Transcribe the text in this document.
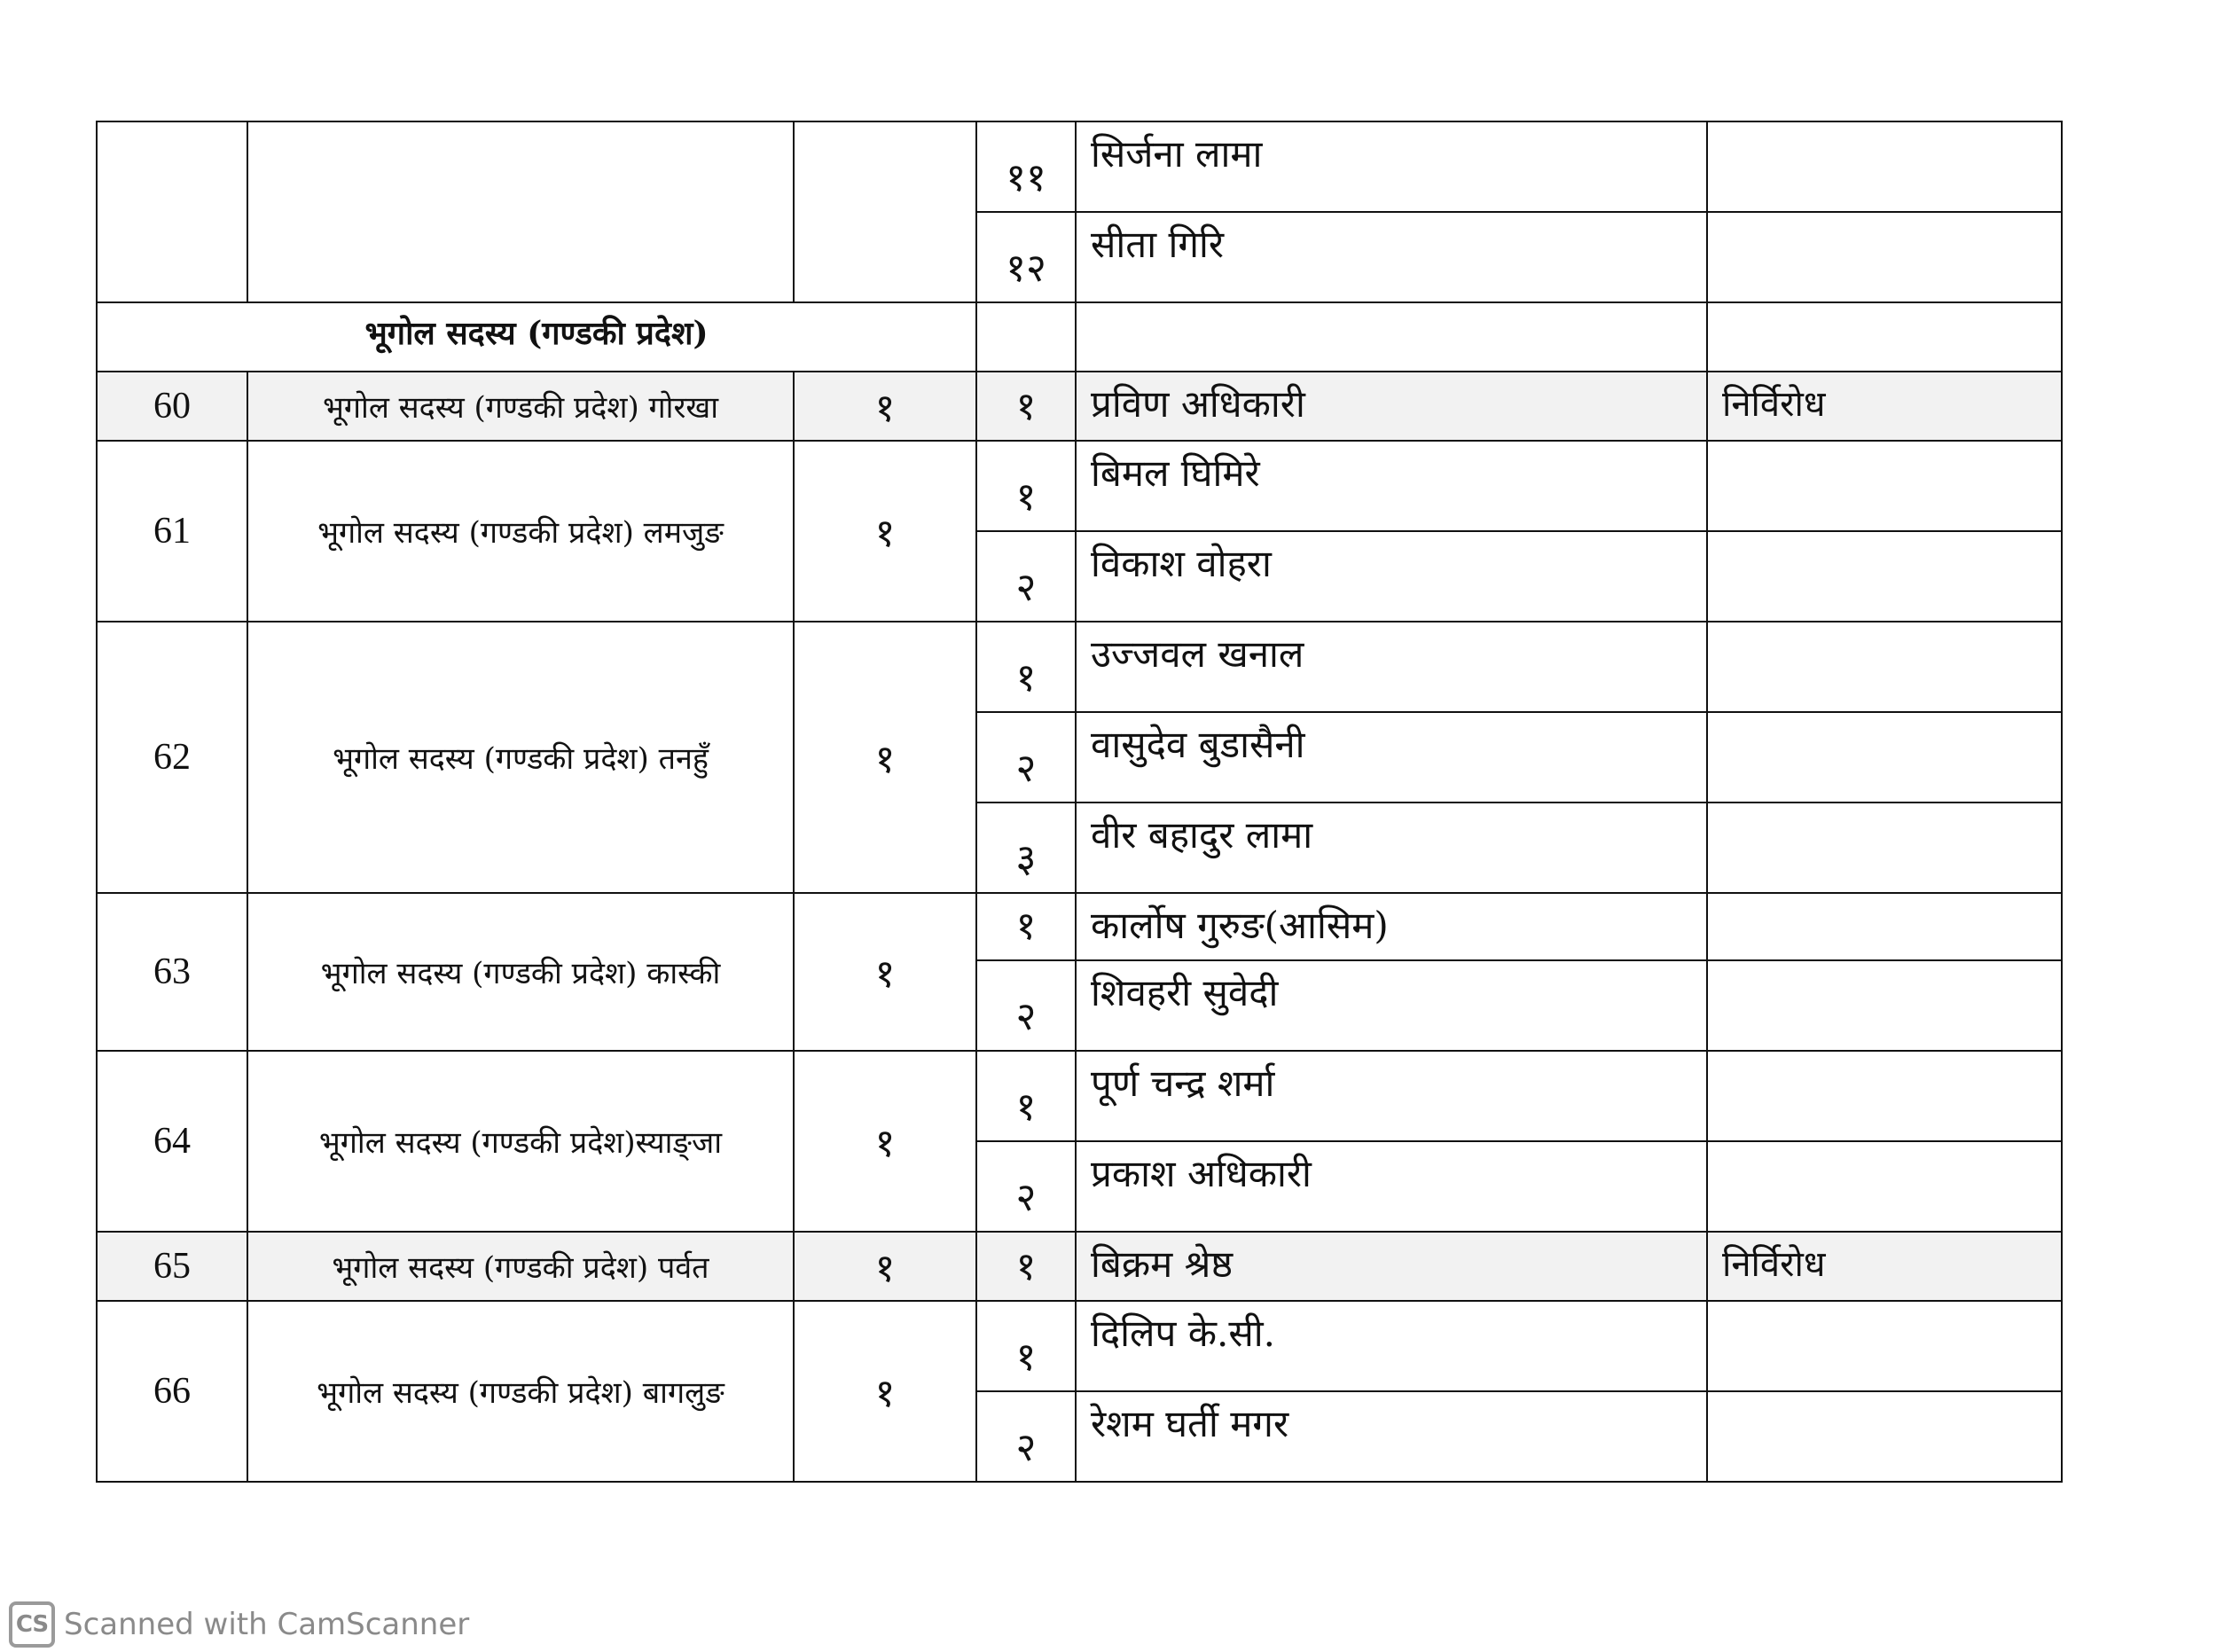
			११	सिर्जना लामा	
			१२	सीता गिरि	
भूगोल सदस्य (गण्डकी प्रदेश)					
60	भूगोल सदस्य (गण्डकी प्रदेश) गोरखा	१	१	प्रविण अधिकारी	निर्विरोध
61	भूगोल सदस्य (गण्डकी प्रदेश) लमजुङ	१	१	बिमल घिमिरे	
			२	विकाश वोहरा	
62	भूगोल सदस्य (गण्डकी प्रदेश) तनहुँ	१	१	उज्जवल खनाल	
			२	वासुदेव बुडासैनी	
			३	वीर बहादुर लामा	
63	भूगोल सदस्य (गण्डकी प्रदेश) कास्की	१	१	कार्लोष गुरुङ(आसिम)	
			२	शिवहरी सुवेदी	
64	भूगोल सदस्य (गण्डकी प्रदेश)स्याङ्जा	१	१	पूर्ण चन्द्र शर्मा	
			२	प्रकाश अधिकारी	
65	भूगोल सदस्य (गण्डकी प्रदेश) पर्वत	१	१	बिक्रम श्रेष्ठ	निर्विरोध
66	भूगोल सदस्य (गण्डकी प्रदेश) बागलुङ	१	१	दिलिप के.सी.	
			२	रेशम घर्ती मगर	
CS Scanned with CamScanner
